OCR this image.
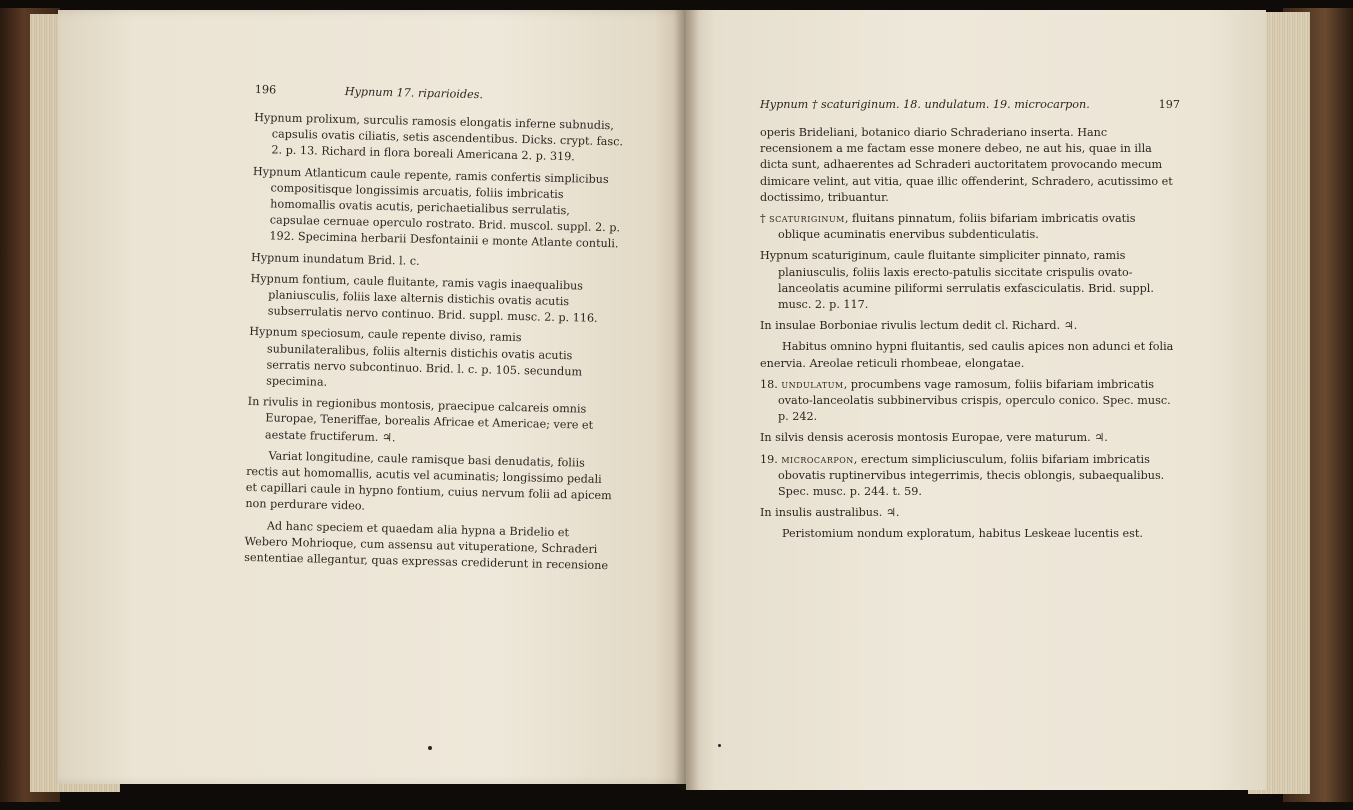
196	Hypnum 17. riparioides.

Hypnum prolixum, surculis ramosis elongatis inferne subnudis, capsulis ovatis ciliatis, setis ascendentibus. Dicks. crypt. fasc. 2. p. 13. Richard in flora boreali Americana 2. p. 319.

Hypnum Atlanticum caule repente, ramis confertis simplicibus compositisque longissimis arcuatis, foliis imbricatis homomallis ovatis acutis, perichaetialibus serrulatis, capsulae cernuae operculo rostrato. Brid. muscol. suppl. 2. p. 192. Specimina herbarii Desfontainii e monte Atlante contuli.

Hypnum inundatum Brid. l. c.

Hypnum fontium, caule fluitante, ramis vagis inaequalibus planiusculis, foliis laxe alternis distichis ovatis acutis subserrulatis nervo continuo. Brid. suppl. musc. 2. p. 116.

Hypnum speciosum, caule repente diviso, ramis subunilateralibus, foliis alternis distichis ovatis acutis serratis nervo subcontinuo. Brid. l. c. p. 105. secundum specimina.

In rivulis in regionibus montosis, praecipue calcareis omnis Europae, Teneriffae, borealis Africae et Americae; vere et aestate fructiferum. ♃.

Variat longitudine, caule ramisque basi denudatis, foliis rectis aut homomallis, acutis vel acuminatis; longissimo pedali et capillari caule in hypno fontium, cuius nervum folii ad apicem non perdurare video.

Ad hanc speciem et quaedam alia hypna a Bridelio et Webero Mohrioque, cum assensu aut vituperatione, Schraderi sententiae allegantur, quas expressas crediderunt in recensione

Hypnum † scaturiginum. 18. undulatum. 19. microcarpon.	197

operis Brideliani, botanico diario Schraderiano inserta. Hanc recensionem a me factam esse monere debeo, ne aut his, quae in illa dicta sunt, adhaerentes ad Schraderi auctoritatem provocando mecum dimicare velint, aut vitia, quae illic offenderint, Schradero, acutissimo et doctissimo, tribuantur.

† scaturiginum, fluitans pinnatum, foliis bifariam imbricatis ovatis oblique acuminatis enervibus subdenticulatis.

Hypnum scaturiginum, caule fluitante simpliciter pinnato, ramis planiusculis, foliis laxis erecto-patulis siccitate crispulis ovato-lanceolatis acumine piliformi serrulatis exfasciculatis. Brid. suppl. musc. 2. p. 117.

In insulae Borboniae rivulis lectum dedit cl. Richard. ♃.

Habitus omnino hypni fluitantis, sed caulis apices non adunci et folia enervia. Areolae reticuli rhombeae, elongatae.

18. undulatum, procumbens vage ramosum, foliis bifariam imbricatis ovato-lanceolatis subbinervibus crispis, operculo conico. Spec. musc. p. 242.

In silvis densis acerosis montosis Europae, vere maturum. ♃.

19. microcarpon, erectum simpliciusculum, foliis bifariam imbricatis obovatis ruptinervibus integerrimis, thecis oblongis, subaequalibus. Spec. musc. p. 244. t. 59.

In insulis australibus. ♃.

Peristomium nondum exploratum, habitus Leskeae lucentis est.
